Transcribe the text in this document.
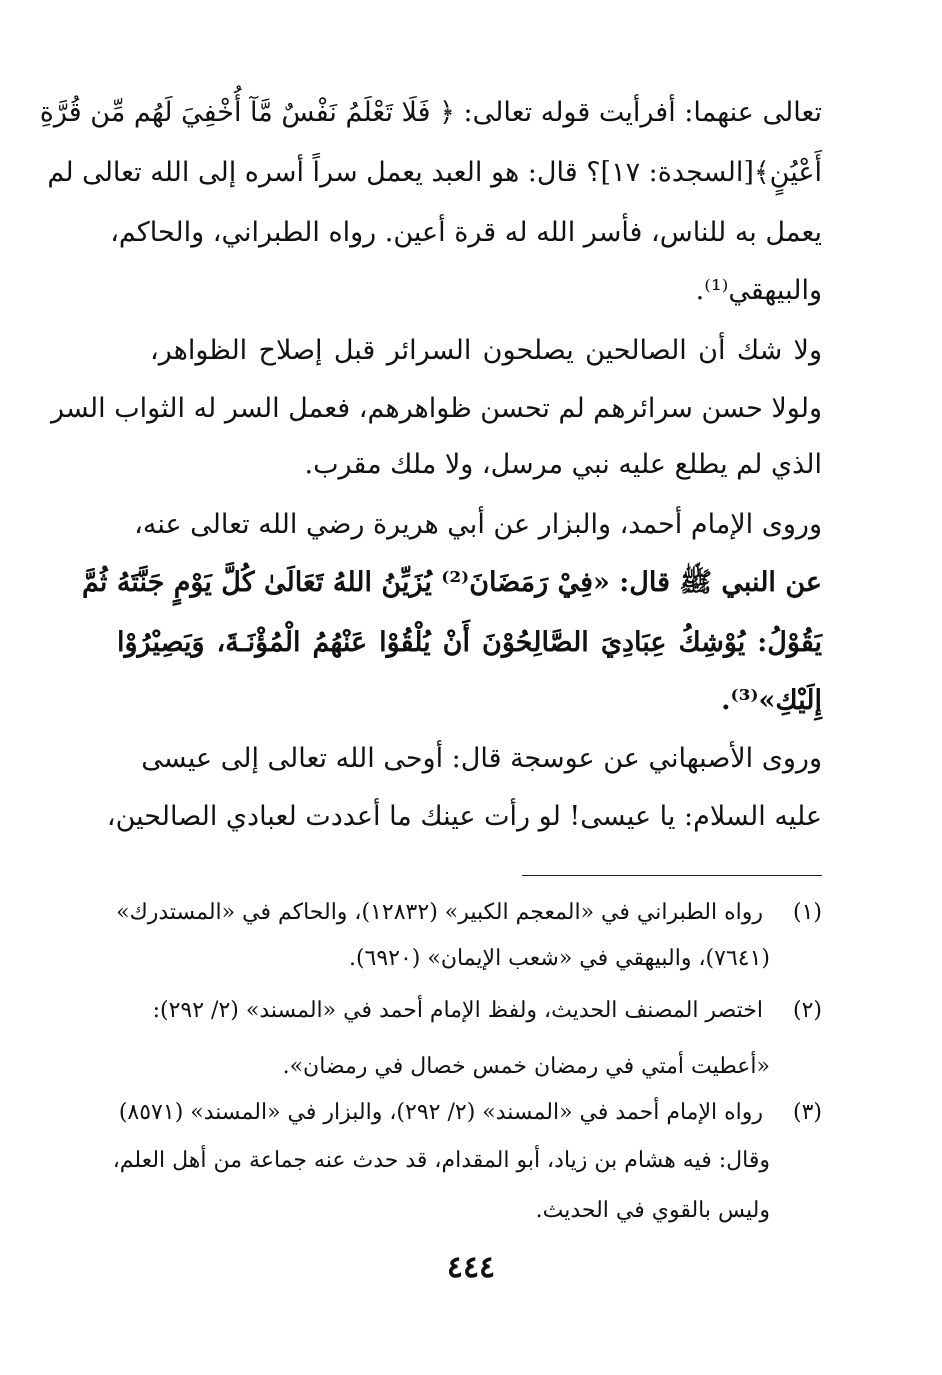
تعالى عنهما: أفرأيت قوله تعالى: ﴿ فَلَا تَعْلَمُ نَفْسٌ مَّآ أُخْفِيَ لَهُم مِّن قُرَّةِ
أَعْيُنٍ﴾[السجدة: ١٧]؟ قال: هو العبد يعمل سراً أسره إلى الله تعالى لم
يعمل به للناس، فأسر الله له قرة أعين. رواه الطبراني، والحاكم،
والبيهقي⁽¹⁾.
ولا شك أن الصالحين يصلحون السرائر قبل إصلاح الظواهر،
ولولا حسن سرائرهم لم تحسن ظواهرهم، فعمل السر له الثواب السر
الذي لم يطلع عليه نبي مرسل، ولا ملك مقرب.
وروى الإمام أحمد، والبزار عن أبي هريرة رضي الله تعالى عنه،
عن النبي ﷺ قال: «فِيْ رَمَضَانَ⁽²⁾ يُزَيِّنُ اللهُ تَعَالَىٰ كُلَّ يَوْمٍ جَنَّتَهُ ثُمَّ
يَقُوْلُ: يُوْشِكُ عِبَادِيَ الصَّالِحُوْنَ أَنْ يُلْقُوْا عَنْهُمُ الْمُؤْنَـةَ، وَيَصِيْرُوْا
إِلَيْكِ»⁽³⁾.
وروى الأصبهاني عن عوسجة قال: أوحى الله تعالى إلى عيسى
عليه السلام: يا عيسى! لو رأت عينك ما أعددت لعبادي الصالحين،
(١) رواه الطبراني في «المعجم الكبير» (١٢٨٣٢)، والحاكم في «المستدرك»
(٧٦٤١)، والبيهقي في «شعب الإيمان» (٦٩٢٠).
(٢) اختصر المصنف الحديث، ولفظ الإمام أحمد في «المسند» (٢/ ٢٩٢):
«أعطيت أمتي في رمضان خمس خصال في رمضان».
(٣) رواه الإمام أحمد في «المسند» (٢/ ٢٩٢)، والبزار في «المسند» (٨٥٧١)
وقال: فيه هشام بن زياد، أبو المقدام، قد حدث عنه جماعة من أهل العلم،
وليس بالقوي في الحديث.
٤٤٤
